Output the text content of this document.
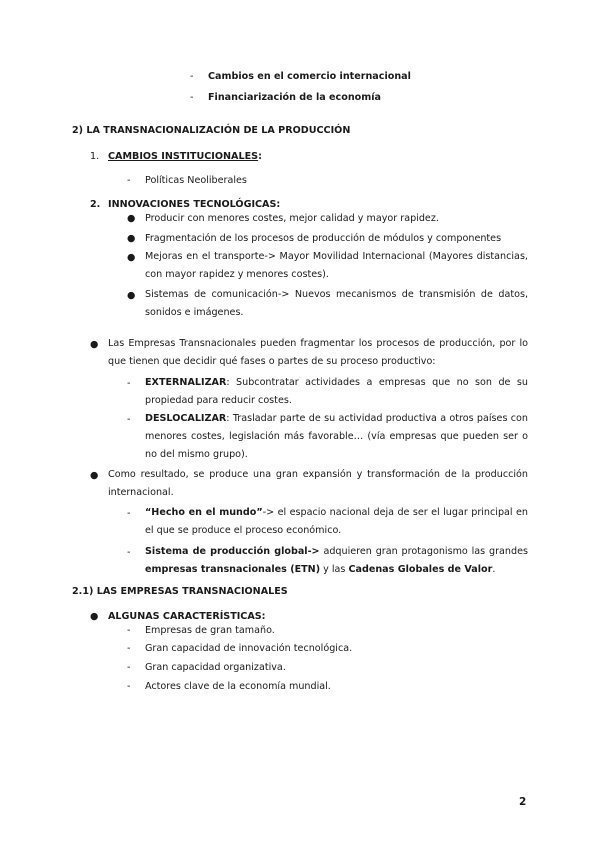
- Cambios en el comercio internacional
- Financiarización de la economía
2) LA TRANSNACIONALIZACIÓN DE LA PRODUCCIÓN
1. CAMBIOS INSTITUCIONALES:
- Políticas Neoliberales
2. INNOVACIONES TECNOLÓGICAS:
● Producir con menores costes, mejor calidad y mayor rapidez.
● Fragmentación de los procesos de producción de módulos y componentes
● Mejoras en el transporte-> Mayor Movilidad Internacional (Mayores distancias, con mayor rapidez y menores costes).
● Sistemas de comunicación-> Nuevos mecanismos de transmisión de datos, sonidos e imágenes.
● Las Empresas Transnacionales pueden fragmentar los procesos de producción, por lo que tienen que decidir qué fases o partes de su proceso productivo:
- EXTERNALIZAR: Subcontratar actividades a empresas que no son de su propiedad para reducir costes.
- DESLOCALIZAR: Trasladar parte de su actividad productiva a otros países con menores costes, legislación más favorable… (vía empresas que pueden ser o no del mismo grupo).
● Como resultado, se produce una gran expansión y transformación de la producción internacional.
- “Hecho en el mundo”-> el espacio nacional deja de ser el lugar principal en el que se produce el proceso económico.
- Sistema de producción global-> adquieren gran protagonismo las grandes empresas transnacionales (ETN) y las Cadenas Globales de Valor.
2.1) LAS EMPRESAS TRANSNACIONALES
● ALGUNAS CARACTERÍSTICAS:
- Empresas de gran tamaño.
- Gran capacidad de innovación tecnológica.
- Gran capacidad organizativa.
- Actores clave de la economía mundial.
2
